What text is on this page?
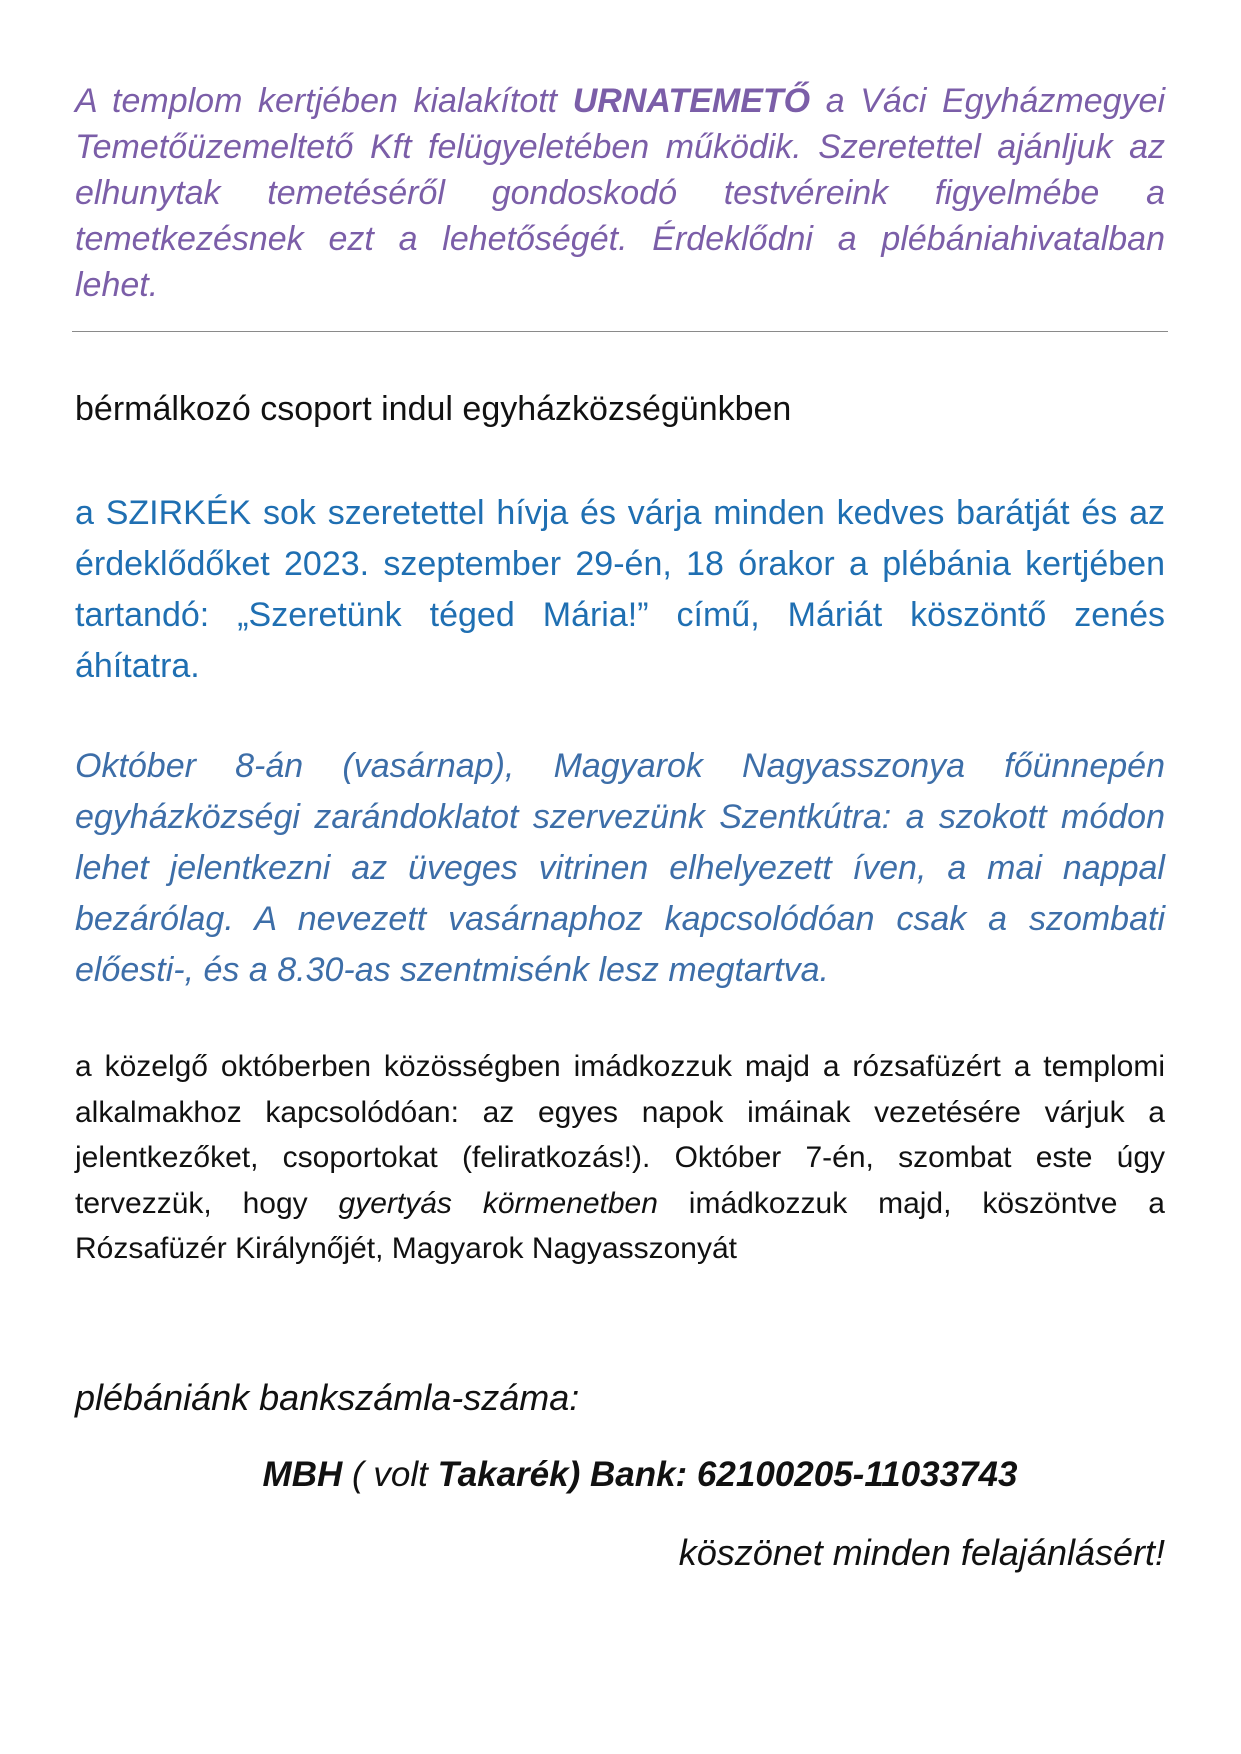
A templom kertjében kialakított URNATEMETŐ a Váci Egyházmegyei Temetőüzemeltető Kft felügyeletében működik. Szeretettel ajánljuk az elhunytak temetéséről gondoskodó testvéreink figyelmébe a temetkezésnek ezt a lehetőségét. Érdeklődni a plébániahivatalban lehet.

bérmálkozó csoport indul egyházközségünkben

a SZIRKÉK sok szeretettel hívja és várja minden kedves barátját és az érdeklődőket 2023. szeptember 29-én, 18 órakor a plébánia kertjében tartandó: „Szeretünk téged Mária!” című, Máriát köszöntő zenés áhítatra.

Október 8-án (vasárnap), Magyarok Nagyasszonya főünnepén egyházközségi zarándoklatot szervezünk Szentkútra: a szokott módon lehet jelentkezni az üveges vitrinen elhelyezett íven, a mai nappal bezárólag. A nevezett vasárnaphoz kapcsolódóan csak a szombati előesti-, és a 8.30-as szentmisénk lesz megtartva.

a közelgő októberben közösségben imádkozzuk majd a rózsafüzért a templomi alkalmakhoz kapcsolódóan: az egyes napok imáinak vezetésére várjuk a jelentkezőket, csoportokat (feliratkozás!). Október 7-én, szombat este úgy tervezzük, hogy gyertyás körmenetben imádkozzuk majd, köszöntve a Rózsafüzér Királynőjét, Magyarok Nagyasszonyát

plébániánk bankszámla-száma:

MBH ( volt Takarék) Bank: 62100205-11033743

köszönet minden felajánlásért!
